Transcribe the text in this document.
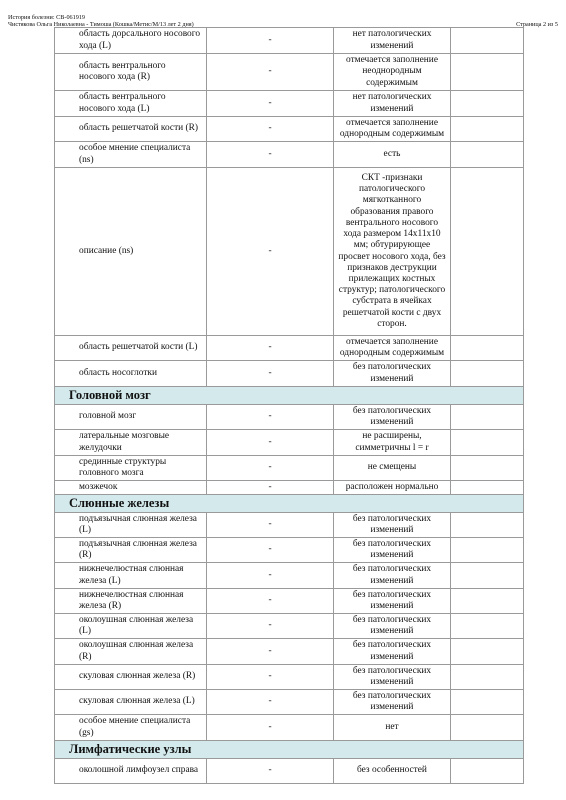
История болезни: CB-061919
Чистякова Ольга Николаевна - Тимоша (Кошка/Метис/М/13 лет 2 дня)	Страница 2 из 5
область дорсального носового хода (L)	-	нет патологических изменений	
область вентрального носового хода (R)	-	отмечается заполнение неоднородным содержимым	
область вентрального носового хода (L)	-	нет патологических изменений	
область решетчатой кости (R)	-	отмечается заполнение однородным содержимым	
особое мнение специалиста (ns)	-	есть	
описание (ns)	-	СКТ -признаки патологического мягкотканного образования правого вентрального носового хода размером 14х11х10 мм; обтурирующее просвет носового хода, без признаков деструкции прилежащих костных структур; патологического субстрата в ячейках решетчатой кости с двух сторон.	
область решетчатой кости (L)	-	отмечается заполнение однородным содержимым	
область носоглотки	-	без патологических изменений	
Головной мозг			
головной мозг	-	без патологических изменений	
латеральные мозговые желудочки	-	не расширены, симметричны l = r	
срединные структуры головного мозга	-	не смещены	
мозжечок	-	расположен нормально	
Слюнные железы			
подъязычная слюнная железа (L)	-	без патологических изменений	
подъязычная слюнная железа (R)	-	без патологических изменений	
нижнечелюстная слюнная железа (L)	-	без патологических изменений	
нижнечелюстная слюнная железа (R)	-	без патологических изменений	
околоушная слюнная железа (L)	-	без патологических изменений	
околоушная слюнная железа (R)	-	без патологических изменений	
скуловая слюнная железа (R)	-	без патологических изменений	
скуловая слюнная железа (L)	-	без патологических изменений	
особое мнение специалиста (gs)	-	нет	
Лимфатические узлы			
околошной лимфоузел справа	-	без особенностей	
